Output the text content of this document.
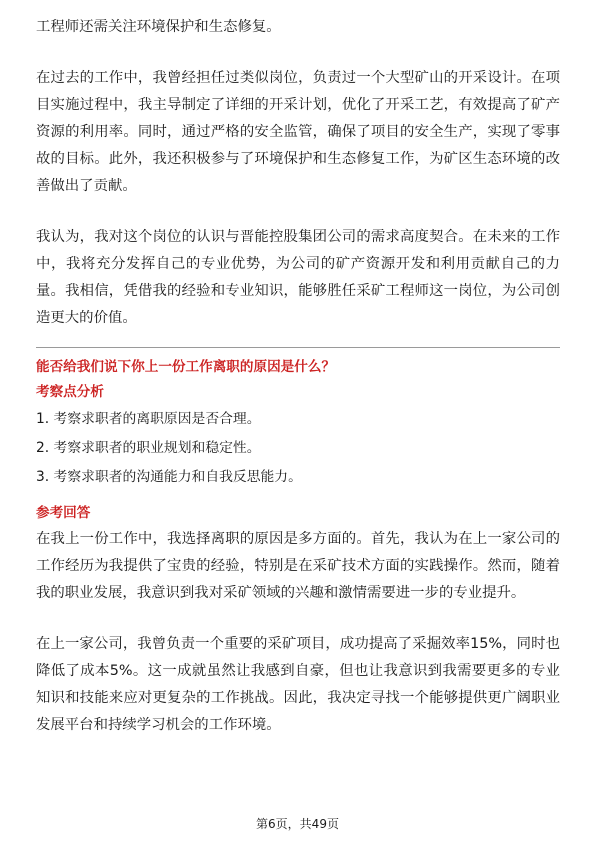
工程师还需关注环境保护和生态修复。

在过去的工作中，我曾经担任过类似岗位，负责过一个大型矿山的开采设计。在项目实施过程中，我主导制定了详细的开采计划，优化了开采工艺，有效提高了矿产资源的利用率。同时，通过严格的安全监管，确保了项目的安全生产，实现了零事故的目标。此外，我还积极参与了环境保护和生态修复工作，为矿区生态环境的改善做出了贡献。

我认为，我对这个岗位的认识与晋能控股集团公司的需求高度契合。在未来的工作中，我将充分发挥自己的专业优势，为公司的矿产资源开发和利用贡献自己的力量。我相信，凭借我的经验和专业知识，能够胜任采矿工程师这一岗位，为公司创造更大的价值。

能否给我们说下你上一份工作离职的原因是什么？

考察点分析

1. 考察求职者的离职原因是否合理。
2. 考察求职者的职业规划和稳定性。
3. 考察求职者的沟通能力和自我反思能力。

参考回答

在我上一份工作中，我选择离职的原因是多方面的。首先，我认为在上一家公司的工作经历为我提供了宝贵的经验，特别是在采矿技术方面的实践操作。然而，随着我的职业发展，我意识到我对采矿领域的兴趣和激情需要进一步的专业提升。

在上一家公司，我曾负责一个重要的采矿项目，成功提高了采掘效率15%，同时也降低了成本5%。这一成就虽然让我感到自豪，但也让我意识到我需要更多的专业知识和技能来应对更复杂的工作挑战。因此，我决定寻找一个能够提供更广阔职业发展平台和持续学习机会的工作环境。

第6页，共49页
